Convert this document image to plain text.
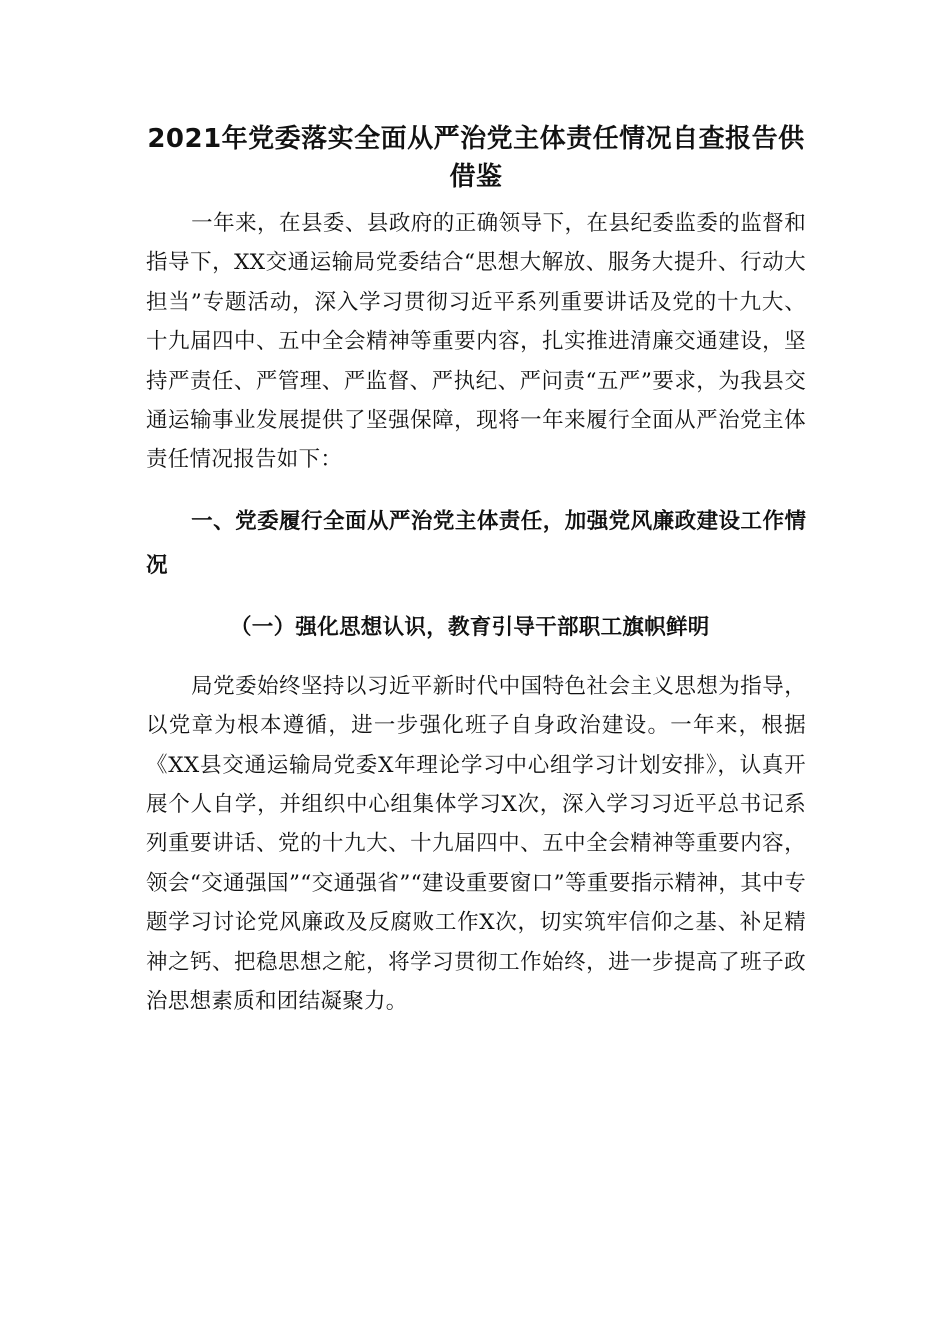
2021年党委落实全面从严治党主体责任情况自查报告供借鉴

一年来，在县委、县政府的正确领导下，在县纪委监委的监督和指导下，XX交通运输局党委结合“思想大解放、服务大提升、行动大担当”专题活动，深入学习贯彻习近平系列重要讲话及党的十九大、十九届四中、五中全会精神等重要内容，扎实推进清廉交通建设，坚持严责任、严管理、严监督、严执纪、严问责“五严”要求，为我县交通运输事业发展提供了坚强保障，现将一年来履行全面从严治党主体责任情况报告如下：

一、党委履行全面从严治党主体责任，加强党风廉政建设工作情况
（一）强化思想认识，教育引导干部职工旗帜鲜明

局党委始终坚持以习近平新时代中国特色社会主义思想为指导，以党章为根本遵循，进一步强化班子自身政治建设。一年来，根据《XX县交通运输局党委X年理论学习中心组学习计划安排》，认真开展个人自学，并组织中心组集体学习X次，深入学习习近平总书记系列重要讲话、党的十九大、十九届四中、五中全会精神等重要内容，领会“交通强国”“交通强省”“建设重要窗口”等重要指示精神，其中专题学习讨论党风廉政及反腐败工作X次，切实筑牢信仰之基、补足精神之钙、把稳思想之舵，将学习贯彻工作始终，进一步提高了班子政治思想素质和团结凝聚力。
